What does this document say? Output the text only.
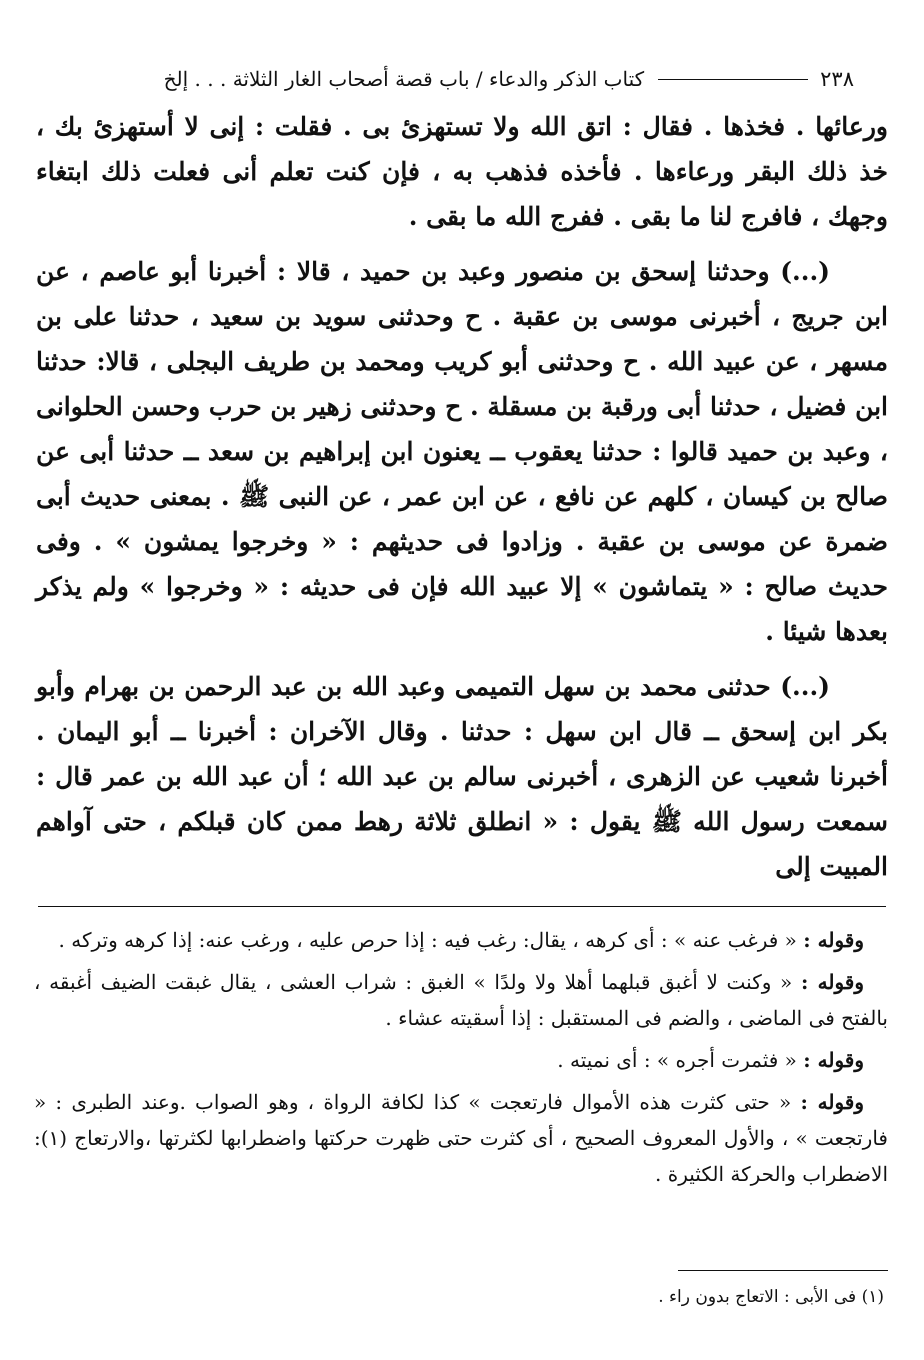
٢٣٨
كتاب الذكر والدعاء / باب قصة أصحاب الغار الثلاثة . . . إلخ

ورعائها . فخذها . فقال : اتق الله ولا تستهزئ بى . فقلت : إنى لا أستهزئ بك ، خذ ذلك البقر ورعاءها . فأخذه فذهب به ، فإن كنت تعلم أنى فعلت ذلك ابتغاء وجهك ، فافرج لنا ما بقى . ففرج الله ما بقى .

(...) وحدثنا إسحق بن منصور وعبد بن حميد ، قالا : أخبرنا أبو عاصم ، عن ابن جريج ، أخبرنى موسى بن عقبة . ح وحدثنى سويد بن سعيد ، حدثنا على بن مسهر ، عن عبيد الله . ح وحدثنى أبو كريب ومحمد بن طريف البجلى ، قالا: حدثنا ابن فضيل ، حدثنا أبى ورقبة بن مسقلة . ح وحدثنى زهير بن حرب وحسن الحلوانى ، وعبد بن حميد قالوا : حدثنا يعقوب ــ يعنون ابن إبراهيم بن سعد ــ حدثنا أبى عن صالح بن كيسان ، كلهم عن نافع ، عن ابن عمر ، عن النبى ﷺ . بمعنى حديث أبى ضمرة عن موسى بن عقبة . وزادوا فى حديثهم : « وخرجوا يمشون » . وفى حديث صالح : « يتماشون » إلا عبيد الله فإن فى حديثه : « وخرجوا » ولم يذكر بعدها شيئا .

(...) حدثنى محمد بن سهل التميمى وعبد الله بن عبد الرحمن بن بهرام وأبو بكر ابن إسحق ــ قال ابن سهل : حدثنا . وقال الآخران : أخبرنا ــ أبو اليمان . أخبرنا شعيب عن الزهرى ، أخبرنى سالم بن عبد الله ؛ أن عبد الله بن عمر قال : سمعت رسول الله ﷺ يقول : « انطلق ثلاثة رهط ممن كان قبلكم ، حتى آواهم المبيت إلى

وقوله : « فرغب عنه » : أى كرهه ، يقال: رغب فيه : إذا حرص عليه ، ورغب عنه: إذا كرهه وتركه .

وقوله : « وكنت لا أغبق قبلهما أهلا ولا ولدًا » الغبق : شراب العشى ، يقال غبقت الضيف أغبقه ، بالفتح فى الماضى ، والضم فى المستقبل : إذا أسقيته عشاء .

وقوله : « فثمرت أجره » : أى نميته .

وقوله : « حتى كثرت هذه الأموال فارتعجت » كذا لكافة الرواة ، وهو الصواب .وعند الطبرى : « فارتجعت » ، والأول المعروف الصحيح ، أى كثرت حتى ظهرت حركتها واضطرابها لكثرتها ،والارتعاج (١): الاضطراب والحركة الكثيرة .

(١) فى الأبى : الاتعاج بدون راء .
